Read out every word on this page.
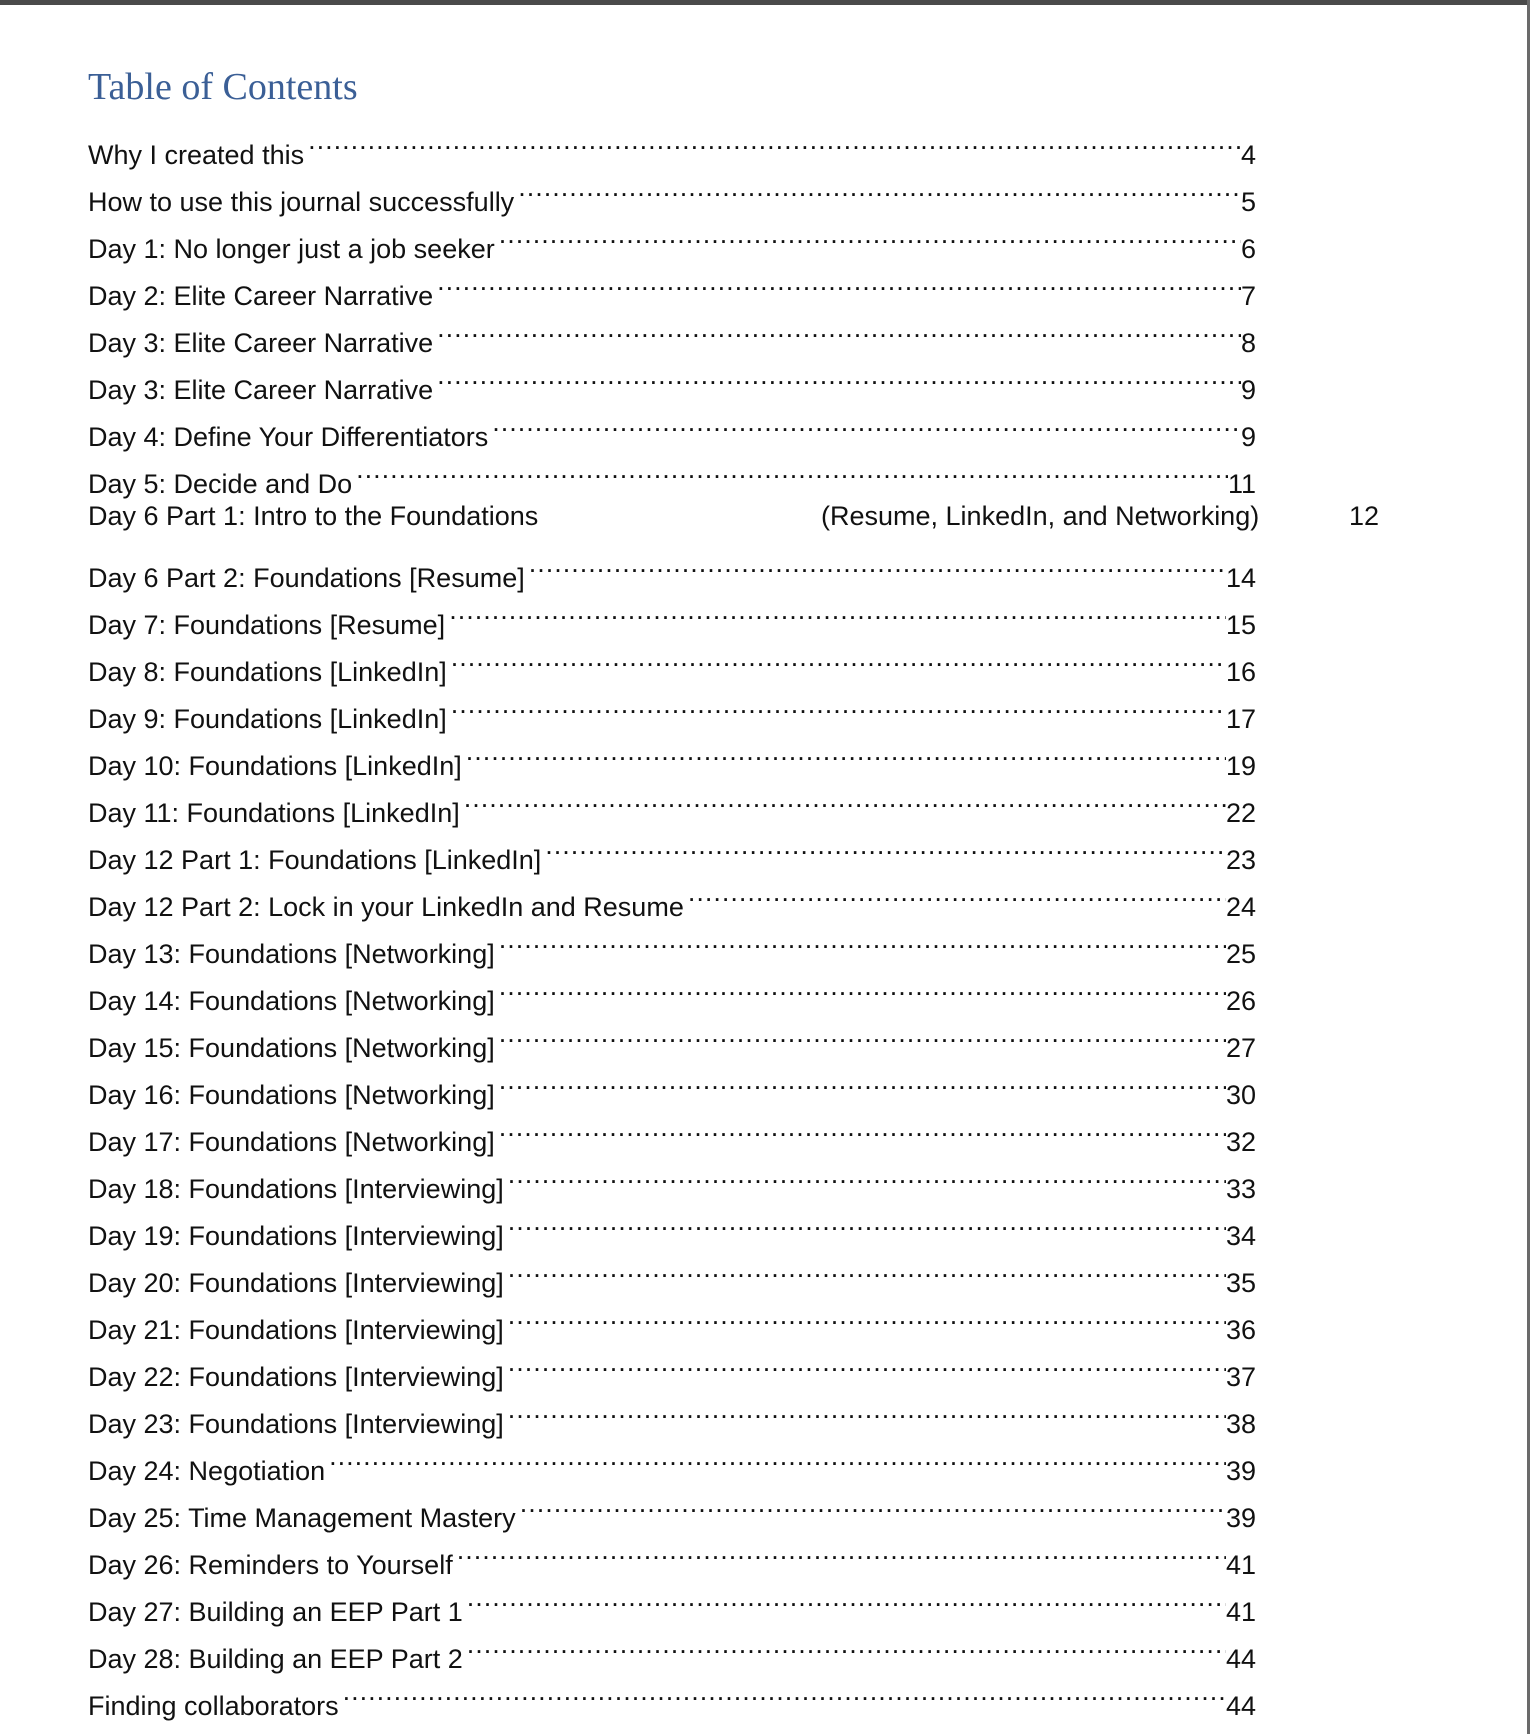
Table of Contents
Why I created this .....	4
How to use this journal successfully .....	5
Day 1: No longer just a job seeker .....	6
Day 2: Elite Career Narrative .....	7
Day 3: Elite Career Narrative .....	8
Day 3: Elite Career Narrative .....	9
Day 4: Define Your Differentiators .....	9
Day 5: Decide and Do .....	11
Day 6 Part 1: Intro to the Foundations	(Resume, LinkedIn, and Networking)	12
Day 6 Part 2: Foundations [Resume] .....	14
Day 7: Foundations [Resume] .....	15
Day 8: Foundations [LinkedIn] .....	16
Day 9: Foundations [LinkedIn] .....	17
Day 10: Foundations [LinkedIn] .....	19
Day 11: Foundations [LinkedIn] .....	22
Day 12 Part 1: Foundations [LinkedIn] .....	23
Day 12 Part 2: Lock in your LinkedIn and Resume .....	24
Day 13: Foundations [Networking] .....	25
Day 14: Foundations [Networking] .....	26
Day 15: Foundations [Networking] .....	27
Day 16: Foundations [Networking] .....	30
Day 17: Foundations [Networking] .....	32
Day 18: Foundations [Interviewing] .....	33
Day 19: Foundations [Interviewing] .....	34
Day 20: Foundations [Interviewing] .....	35
Day 21: Foundations [Interviewing] .....	36
Day 22: Foundations [Interviewing] .....	37
Day 23: Foundations [Interviewing] .....	38
Day 24: Negotiation .....	39
Day 25: Time Management Mastery .....	39
Day 26: Reminders to Yourself .....	41
Day 27: Building an EEP Part 1 .....	41
Day 28: Building an EEP Part 2 .....	44
Finding collaborators .....	44
